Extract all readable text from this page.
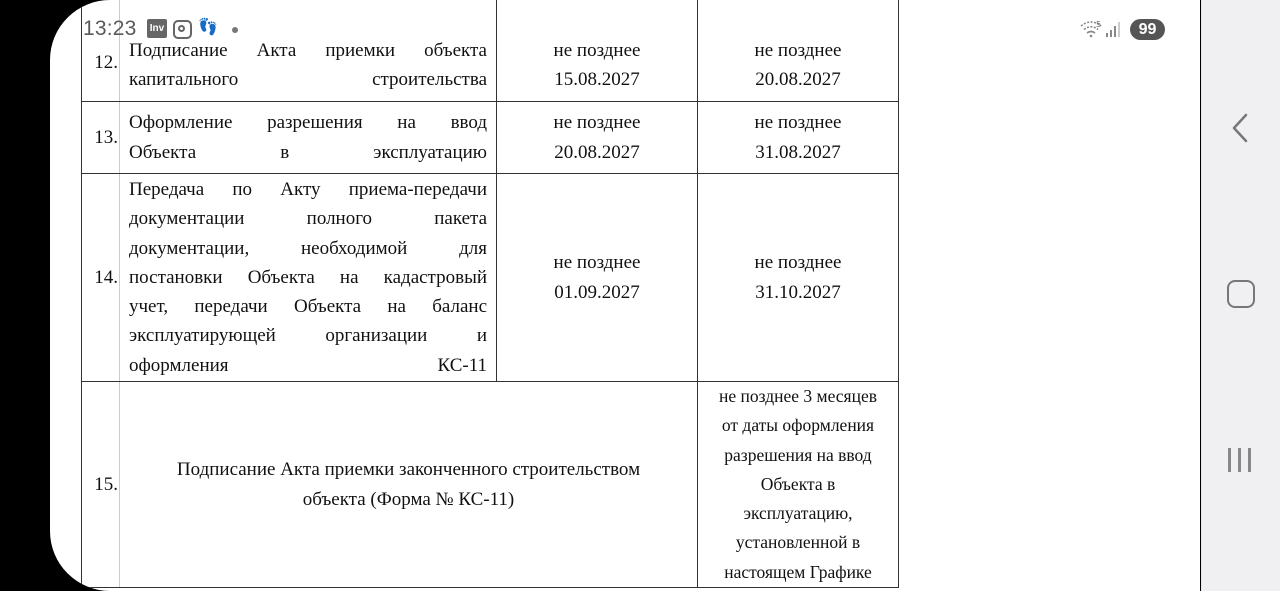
13:23 Inv 👣	5	99
12.	
Подписание Акта приемки объекта
капитального строительства

не позднее
15.08.2027

не позднее
20.08.2027

13.	
Оформление разрешения на ввод
Объекта в эксплуатацию

не позднее
20.08.2027

не позднее
31.08.2027

14.	
Передача по Акту приема-передачи
документации полного пакета
документации, необходимой для
постановки Объекта на кадастровый
учет, передачи Объекта на баланс
эксплуатирующей организации и
оформления КС-11

не позднее
01.09.2027

не позднее
31.10.2027

15.	
Подписание Акта приемки законченного строительством
объекта (Форма № КС-11)

не позднее 3 месяцев
от даты оформления
разрешения на ввод
Объекта в
эксплуатацию,
установленной в
настоящем Графике
